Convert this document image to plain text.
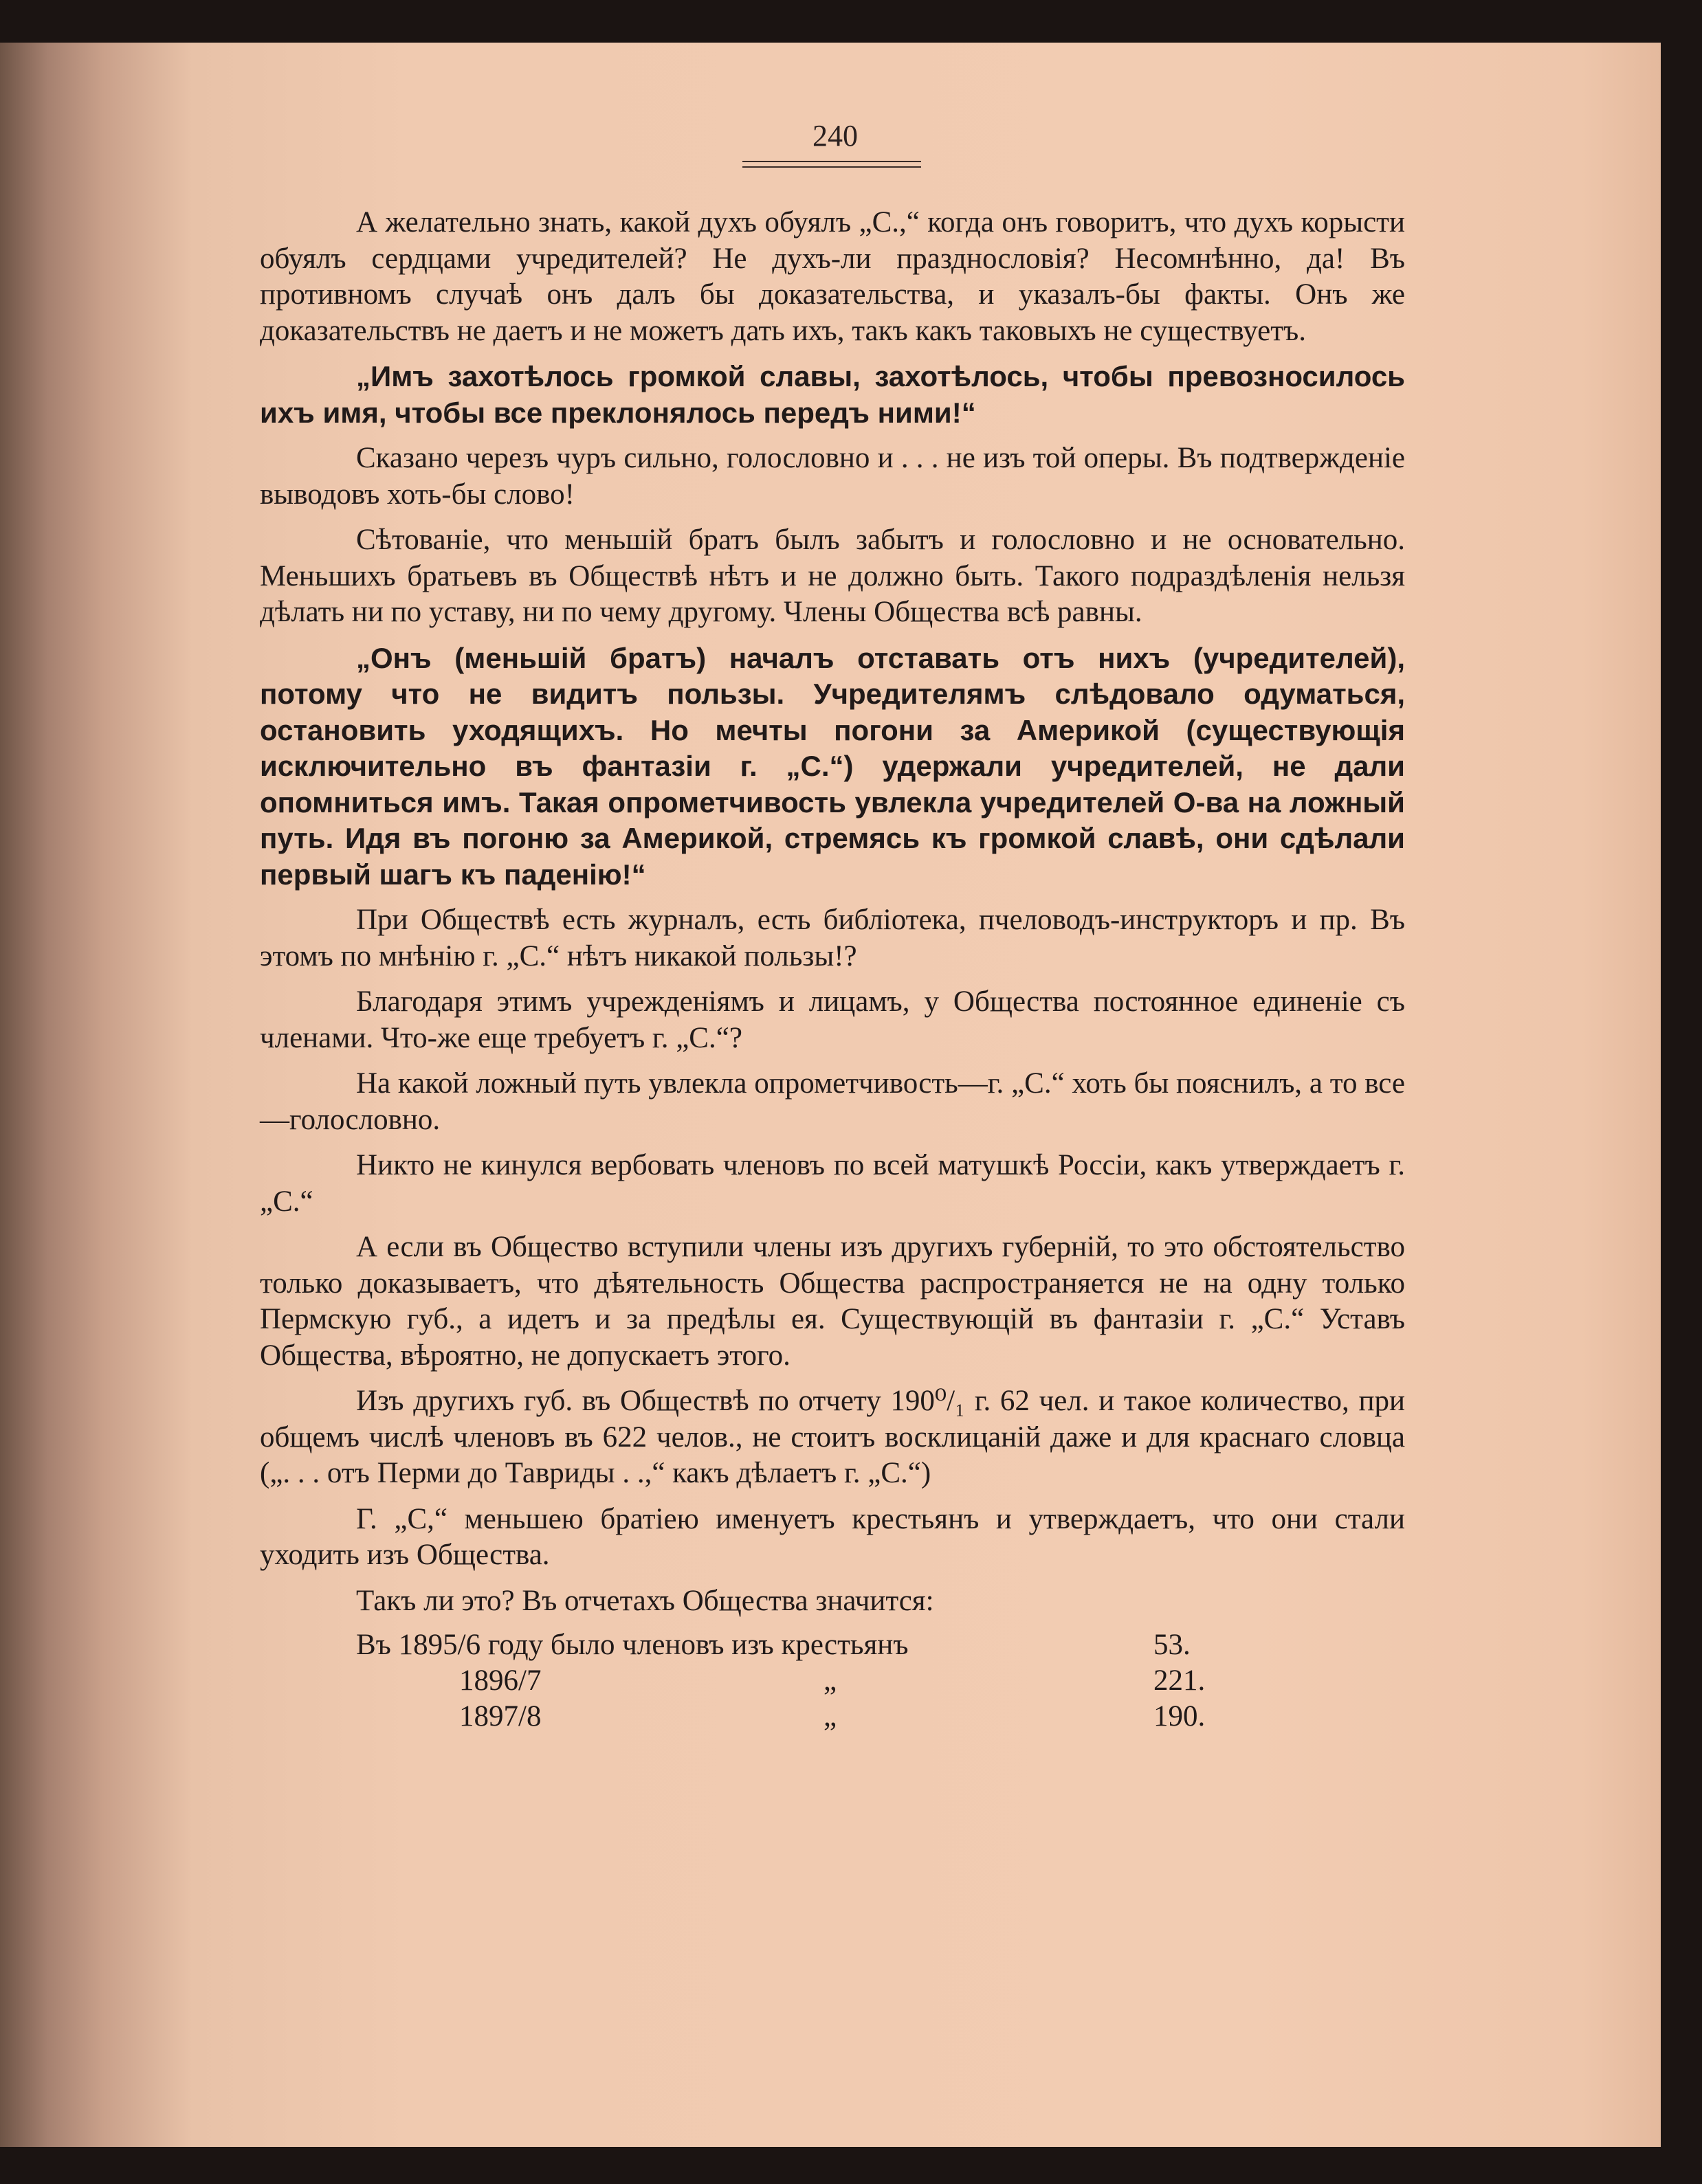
240

А желательно знать, какой духъ обуялъ „С.,“ когда онъ говоритъ, что духъ корысти обуялъ сердцами учредителей? Не духъ-ли празднословія? Несомнѣнно, да! Въ противномъ случаѣ онъ далъ бы доказательства, и указалъ-бы факты. Онъ же доказательствъ не даетъ и не можетъ дать ихъ, такъ какъ таковыхъ не существуетъ.

„Имъ захотѣлось громкой славы, захотѣлось, чтобы превозносилось ихъ имя, чтобы все преклонялось передъ ними!“

Сказано черезъ чуръ сильно, голословно и . . . не изъ той оперы. Въ подтвержденіе выводовъ хоть-бы слово!

Сѣтованіе, что меньшій братъ былъ забытъ и голословно и не основательно. Меньшихъ братьевъ въ Обществѣ нѣтъ и не должно быть. Такого подраздѣленія нельзя дѣлать ни по уставу, ни по чему другому. Члены Общества всѣ равны.

„Онъ (меньшій братъ) началъ отставать отъ нихъ (учредителей), потому что не видитъ пользы. Учредителямъ слѣдовало одуматься, остановить уходящихъ. Но мечты погони за Америкой (существующія исключительно въ фантазіи г. „С.“) удержали учредителей, не дали опомниться имъ. Такая опрометчивость увлекла учредителей О-ва на ложный путь. Идя въ погоню за Америкой, стремясь къ громкой славѣ, они сдѣлали первый шагъ къ паденію!“

При Обществѣ есть журналъ, есть библіотека, пчеловодъ-инструкторъ и пр. Въ этомъ по мнѣнію г. „С.“ нѣтъ никакой пользы!?

Благодаря этимъ учрежденіямъ и лицамъ, у Общества постоянное единеніе съ членами. Что-же еще требуетъ г. „С.“?

На какой ложный путь увлекла опрометчивость—г. „С.“ хоть бы пояснилъ, а то все—голословно.

Никто не кинулся вербовать членовъ по всей матушкѣ Россіи, какъ утверждаетъ г. „С.“

А если въ Общество вступили члены изъ другихъ губерній, то это обстоятельство только доказываетъ, что дѣятельность Общества распространяется не на одну только Пермскую губ., а идетъ и за предѣлы ея. Существующій въ фантазіи г. „С.“ Уставъ Общества, вѣроятно, не допускаетъ этого.

Изъ другихъ губ. въ Обществѣ по отчету 190⁰/₁ г. 62 чел. и такое количество, при общемъ числѣ членовъ въ 622 челов., не стоитъ восклицаній даже и для краснаго словца („. . . отъ Перми до Тавриды . .,“ какъ дѣлаетъ г. „С.“)

Г. „С,“ меньшею братіею именуетъ крестьянъ и утверждаетъ, что они стали уходить изъ Общества.

Такъ ли это? Въ отчетахъ Общества значится:

Въ 1895/6 году было членовъ изъ крестьянъ	53.
1896/7	„	221.
1897/8	„	190.
